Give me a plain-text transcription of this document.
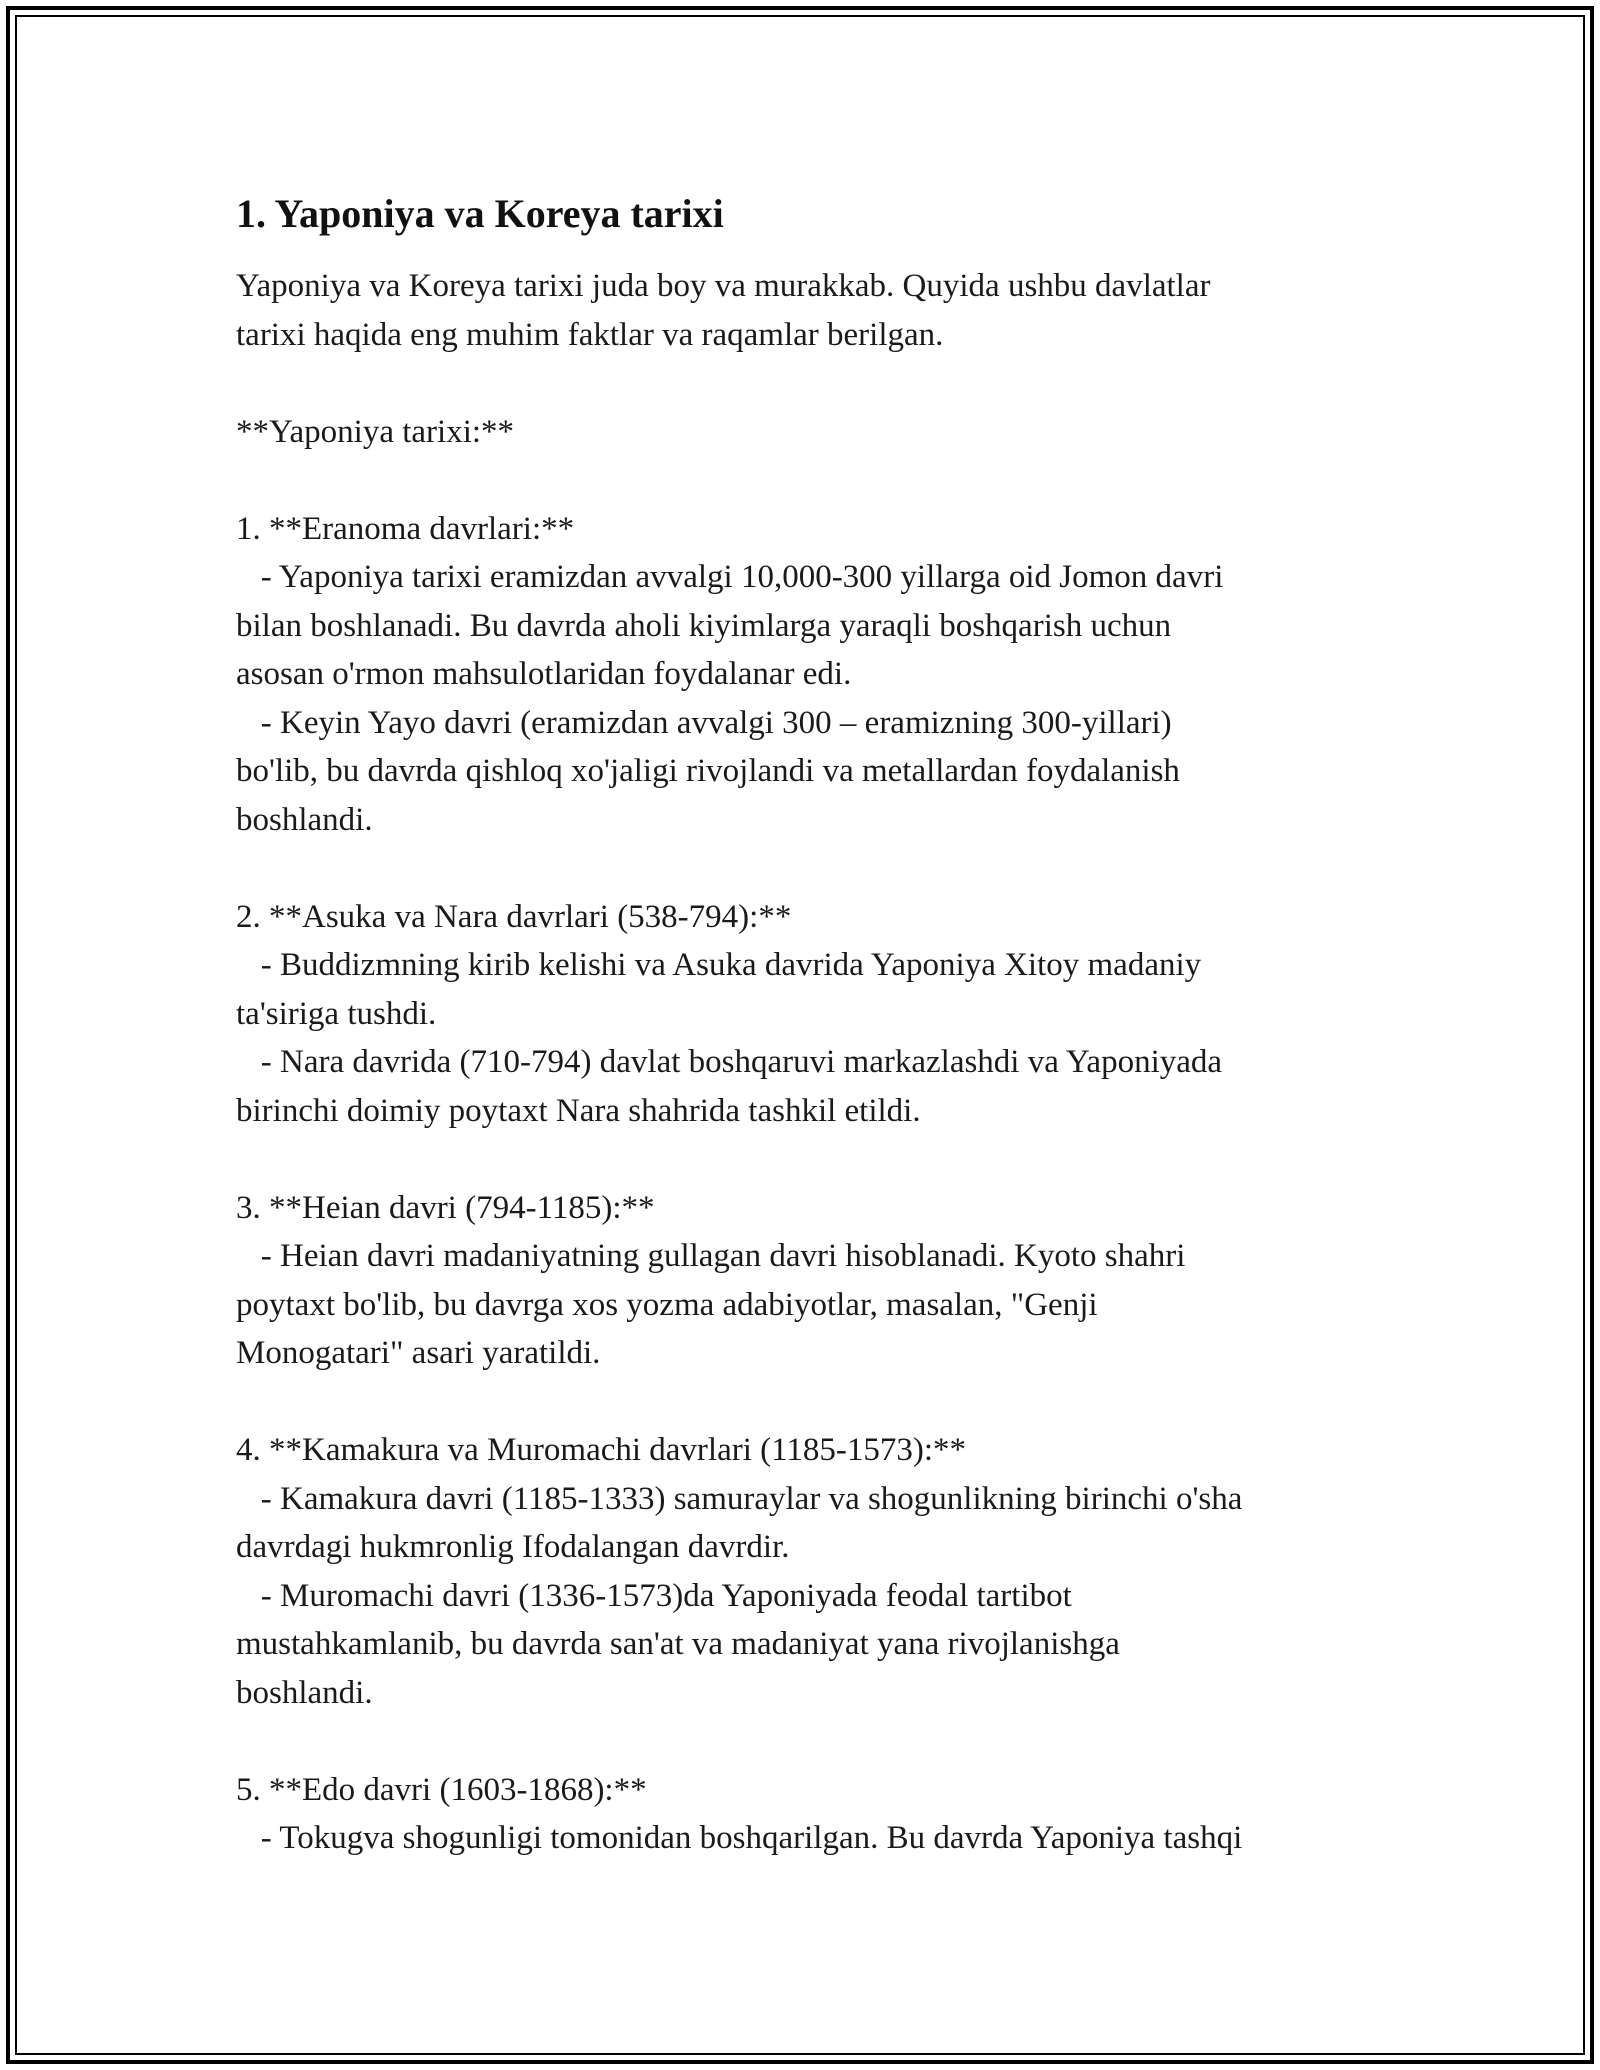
1. Yaponiya va Koreya tarixi

Yaponiya va Koreya tarixi juda boy va murakkab. Quyida ushbu davlatlar
tarixi haqida eng muhim faktlar va raqamlar berilgan.

**Yaponiya tarixi:**

1. **Eranoma davrlari:**
- Yaponiya tarixi eramizdan avvalgi 10,000-300 yillarga oid Jomon davri
bilan boshlanadi. Bu davrda aholi kiyimlarga yaraqli boshqarish uchun
asosan o'rmon mahsulotlaridan foydalanar edi.
- Keyin Yayo davri (eramizdan avvalgi 300 – eramizning 300-yillari)
bo'lib, bu davrda qishloq xo'jaligi rivojlandi va metallardan foydalanish
boshlandi.

2. **Asuka va Nara davrlari (538-794):**
- Buddizmning kirib kelishi va Asuka davrida Yaponiya Xitoy madaniy
ta'siriga tushdi.
- Nara davrida (710-794) davlat boshqaruvi markazlashdi va Yaponiyada
birinchi doimiy poytaxt Nara shahrida tashkil etildi.

3. **Heian davri (794-1185):**
- Heian davri madaniyatning gullagan davri hisoblanadi. Kyoto shahri
poytaxt bo'lib, bu davrga xos yozma adabiyotlar, masalan, "Genji
Monogatari" asari yaratildi.

4. **Kamakura va Muromachi davrlari (1185-1573):**
- Kamakura davri (1185-1333) samuraylar va shogunlikning birinchi o'sha
davrdagi hukmronlig Ifodalangan davrdir.
- Muromachi davri (1336-1573)da Yaponiyada feodal tartibot
mustahkamlanib, bu davrda san'at va madaniyat yana rivojlanishga
boshlandi.

5. **Edo davri (1603-1868):**
- Tokugva shogunligi tomonidan boshqarilgan. Bu davrda Yaponiya tashqi
